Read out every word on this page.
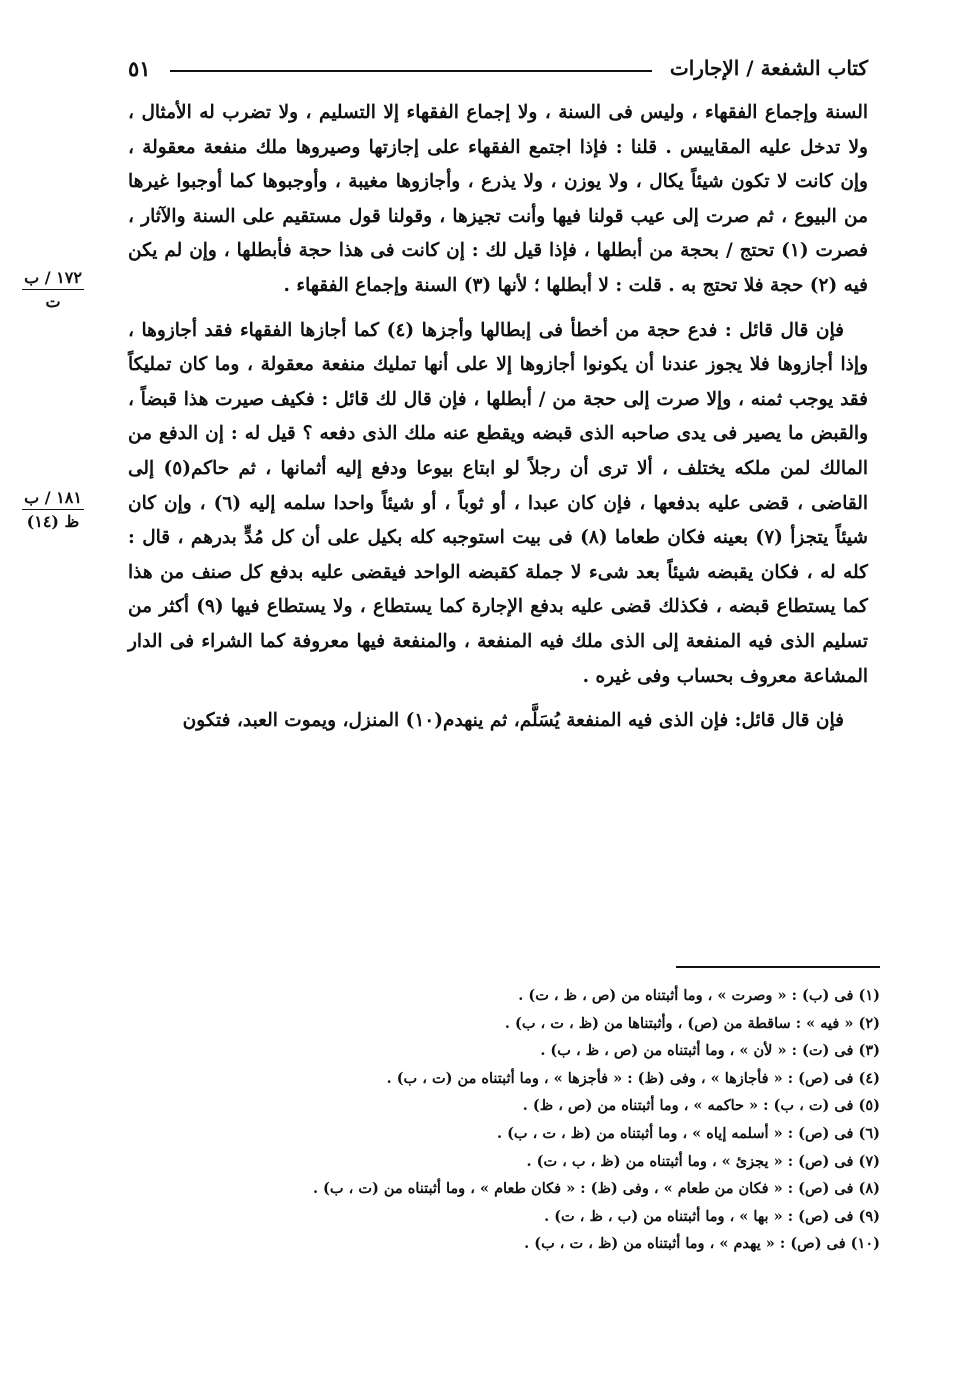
كتاب الشفعة / الإجارات
٥١
١٧٢ / ب
ت
١٨١ / ب
ظ (١٤)

السنة وإجماع الفقهاء ، وليس فى السنة ، ولا إجماع الفقهاء إلا التسليم ، ولا تضرب له الأمثال ، ولا تدخل عليه المقاييس . قلنا : فإذا اجتمع الفقهاء على إجازتها وصيروها ملك منفعة معقولة ، وإن كانت لا تكون شيئاً يكال ، ولا يوزن ، ولا يذرع ، وأجازوها مغيبة ، وأوجبوها كما أوجبوا غيرها من البيوع ، ثم صرت إلى عيب قولنا فيها وأنت تجيزها ، وقولنا قول مستقيم على السنة والآثار ، فصرت (١) تحتج / بحجة من أبطلها ، فإذا قيل لك : إن كانت فى هذا حجة فأبطلها ، وإن لم يكن فيه (٢) حجة فلا تحتج به . قلت : لا أبطلها ؛ لأنها (٣) السنة وإجماع الفقهاء .

فإن قال قائل : فدع حجة من أخطأ فى إبطالها وأجزها (٤) كما أجازها الفقهاء فقد أجازوها ، وإذا أجازوها فلا يجوز عندنا أن يكونوا أجازوها إلا على أنها تمليك منفعة معقولة ، وما كان تمليكاً فقد يوجب ثمنه ، وإلا صرت إلى حجة من / أبطلها ، فإن قال لك قائل : فكيف صيرت هذا قبضاً ، والقبض ما يصير فى يدى صاحبه الذى قبضه ويقطع عنه ملك الذى دفعه ؟ قيل له : إن الدفع من المالك لمن ملكه يختلف ، ألا ترى أن رجلاً لو ابتاع بيوعا ودفع إليه أثمانها ، ثم حاكم(٥) إلى القاضى ، قضى عليه بدفعها ، فإن كان عبدا ، أو ثوباً ، أو شيئاً واحدا سلمه إليه (٦) ، وإن كان شيئاً يتجزأ (٧) بعينه فكان طعاما (٨) فى بيت استوجبه كله بكيل على أن كل مُدٍّ بدرهم ، قال : كله له ، فكان يقبضه شيئاً بعد شىء لا جملة كقبضه الواحد فيقضى عليه بدفع كل صنف من هذا كما يستطاع قبضه ، فكذلك قضى عليه بدفع الإجارة كما يستطاع ، ولا يستطاع فيها (٩) أكثر من تسليم الذى فيه المنفعة إلى الذى ملك فيه المنفعة ، والمنفعة فيها معروفة كما الشراء فى الدار المشاعة معروف بحساب وفى غيره .

فإن قال قائل: فإن الذى فيه المنفعة يُسَلَّم، ثم ينهدم(١٠) المنزل، ويموت العبد، فتكون

(١) فى (ب) : « وصرت » ، وما أثبتناه من (ص ، ظ ، ت) .
(٢) « فيه » : ساقطة من (ص) ، وأثبتناها من (ظ ، ت ، ب) .
(٣) فى (ت) : « لأن » ، وما أثبتناه من (ص ، ظ ، ب) .
(٤) فى (ص) : « فأجازها » ، وفى (ظ) : « فأجزها » ، وما أثبتناه من (ت ، ب) .
(٥) فى (ت ، ب) : « حاكمه » ، وما أثبتناه من (ص ، ظ) .
(٦) فى (ص) : « أسلمه إياه » ، وما أثبتناه من (ظ ، ت ، ب) .
(٧) فى (ص) : « يجزئ » ، وما أثبتناه من (ظ ، ب ، ت) .
(٨) فى (ص) : « فكان من طعام » ، وفى (ظ) : « فكان طعام » ، وما أثبتناه من (ت ، ب) .
(٩) فى (ص) : « بها » ، وما أثبتناه من (ب ، ظ ، ت) .
(١٠) فى (ص) : « يهدم » ، وما أثبتناه من (ظ ، ت ، ب) .
